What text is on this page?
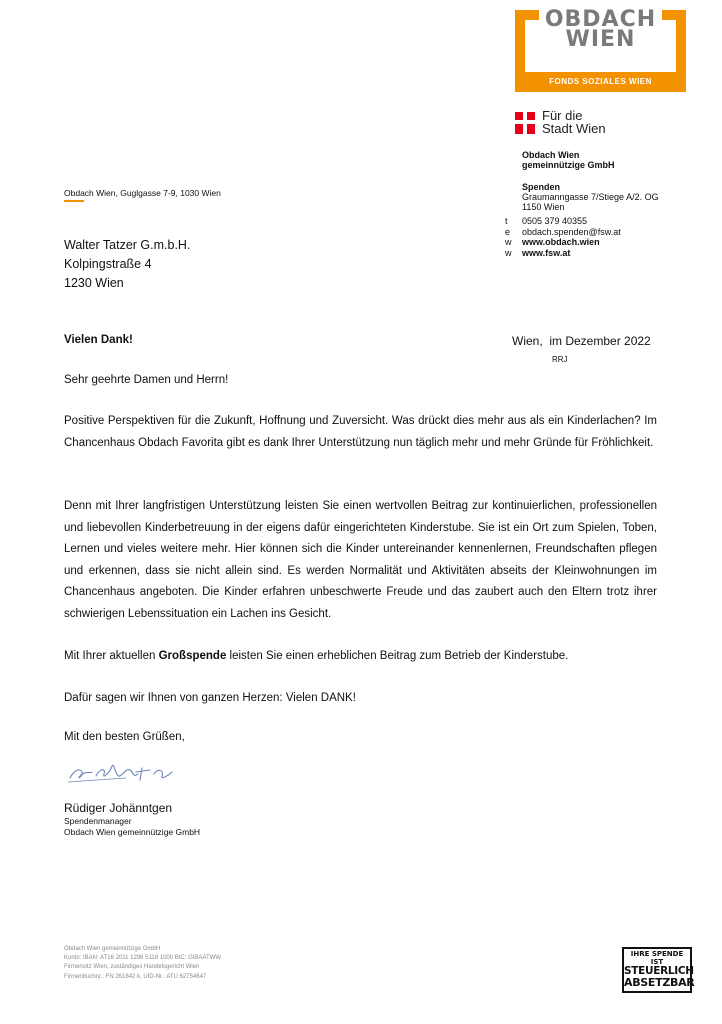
OBDACH
WIEN
FONDS SOZIALES WIEN
Für die
Stadt Wien
Obdach Wien
gemeinnützige GmbH
Spenden
Graumanngasse 7/Stiege A/2. OG
1150 Wien
t	0505 379 40355
e	obdach.spenden@fsw.at
w	www.obdach.wien
w	www.fsw.at
Obdach Wien, Guglgasse 7-9, 1030 Wien
Walter Tatzer G.m.b.H.
Kolpingstraße 4
1230 Wien
Vielen Dank!	Wien,  im Dezember 2022
RRJ
Sehr geehrte Damen und Herrn!
Positive Perspektiven für die Zukunft, Hoffnung und Zuversicht. Was drückt dies mehr aus als ein Kinderlachen? Im Chancenhaus Obdach Favorita gibt es dank Ihrer Unterstützung nun täglich mehr und mehr Gründe für Fröhlichkeit.
Denn mit Ihrer langfristigen Unterstützung leisten Sie einen wertvollen Beitrag zur kontinuierlichen, professionellen und liebevollen Kinderbetreuung in der eigens dafür eingerichteten Kinderstube. Sie ist ein Ort zum Spielen, Toben, Lernen und vieles weitere mehr. Hier können sich die Kinder untereinander kennenlernen, Freundschaften pflegen und erkennen, dass sie nicht allein sind. Es werden Normalität und Aktivitäten abseits der Kleinwohnungen im Chancenhaus angeboten. Die Kinder erfahren unbeschwerte Freude und das zaubert auch den Eltern trotz ihrer schwierigen Lebenssituation ein Lachen ins Gesicht.
Mit Ihrer aktuellen Großspende leisten Sie einen erheblichen Beitrag zum Betrieb der Kinderstube.
Dafür sagen wir Ihnen von ganzen Herzen: Vielen DANK!
Mit den besten Grüßen,
Rüdiger Johänntgen
Spendenmanager
Obdach Wien gemeinnützige GmbH
Obdach Wien gemeinnützige GmbH
Konto: IBAN: AT16 2011 1296 5118 1000 BIC: GIBAATWW
Firmensitz Wien, zuständiges Handelsgericht Wien
Firmenbuchnr.: FN 261842 k, UID-Nr.: ATU 62754647
IHRE SPENDE IST
STEUERLICH
ABSETZBAR
